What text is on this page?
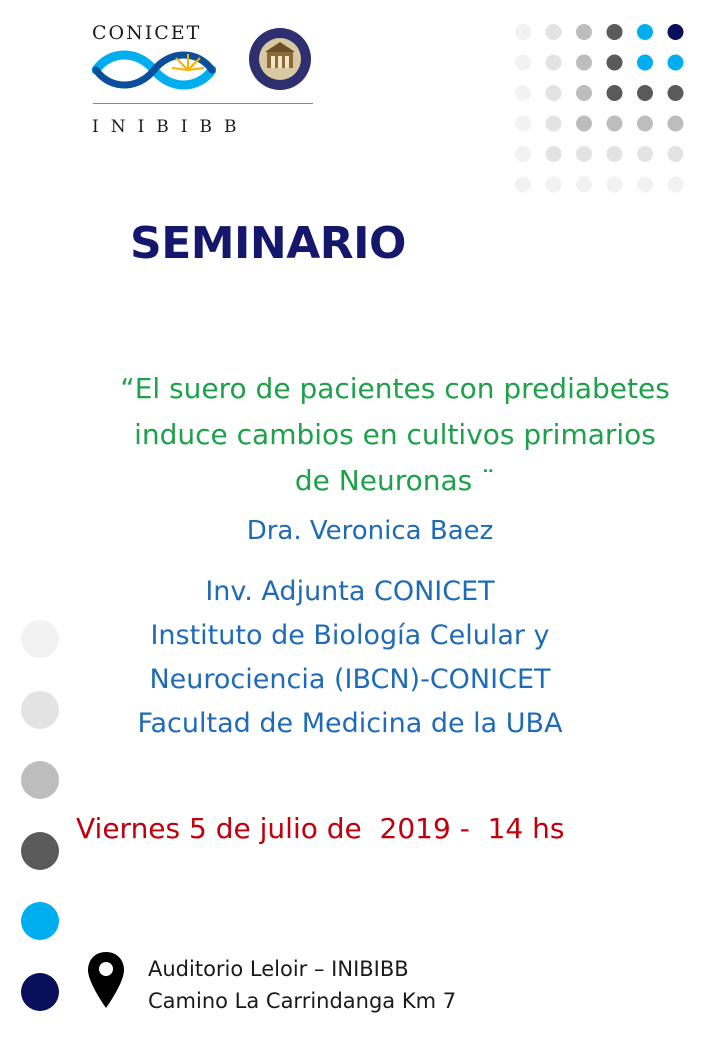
CONICET
INIBIBB
SEMINARIO
“El suero de pacientes con prediabetes
induce cambios en cultivos primarios
de Neuronas ¨
Dra. Veronica Baez
Inv. Adjunta CONICET
Instituto de Biología Celular y
Neurociencia (IBCN)-CONICET
Facultad de Medicina de la UBA
Viernes 5 de julio de  2019 -  14 hs
Auditorio Leloir – INIBIBB
Camino La Carrindanga Km 7
